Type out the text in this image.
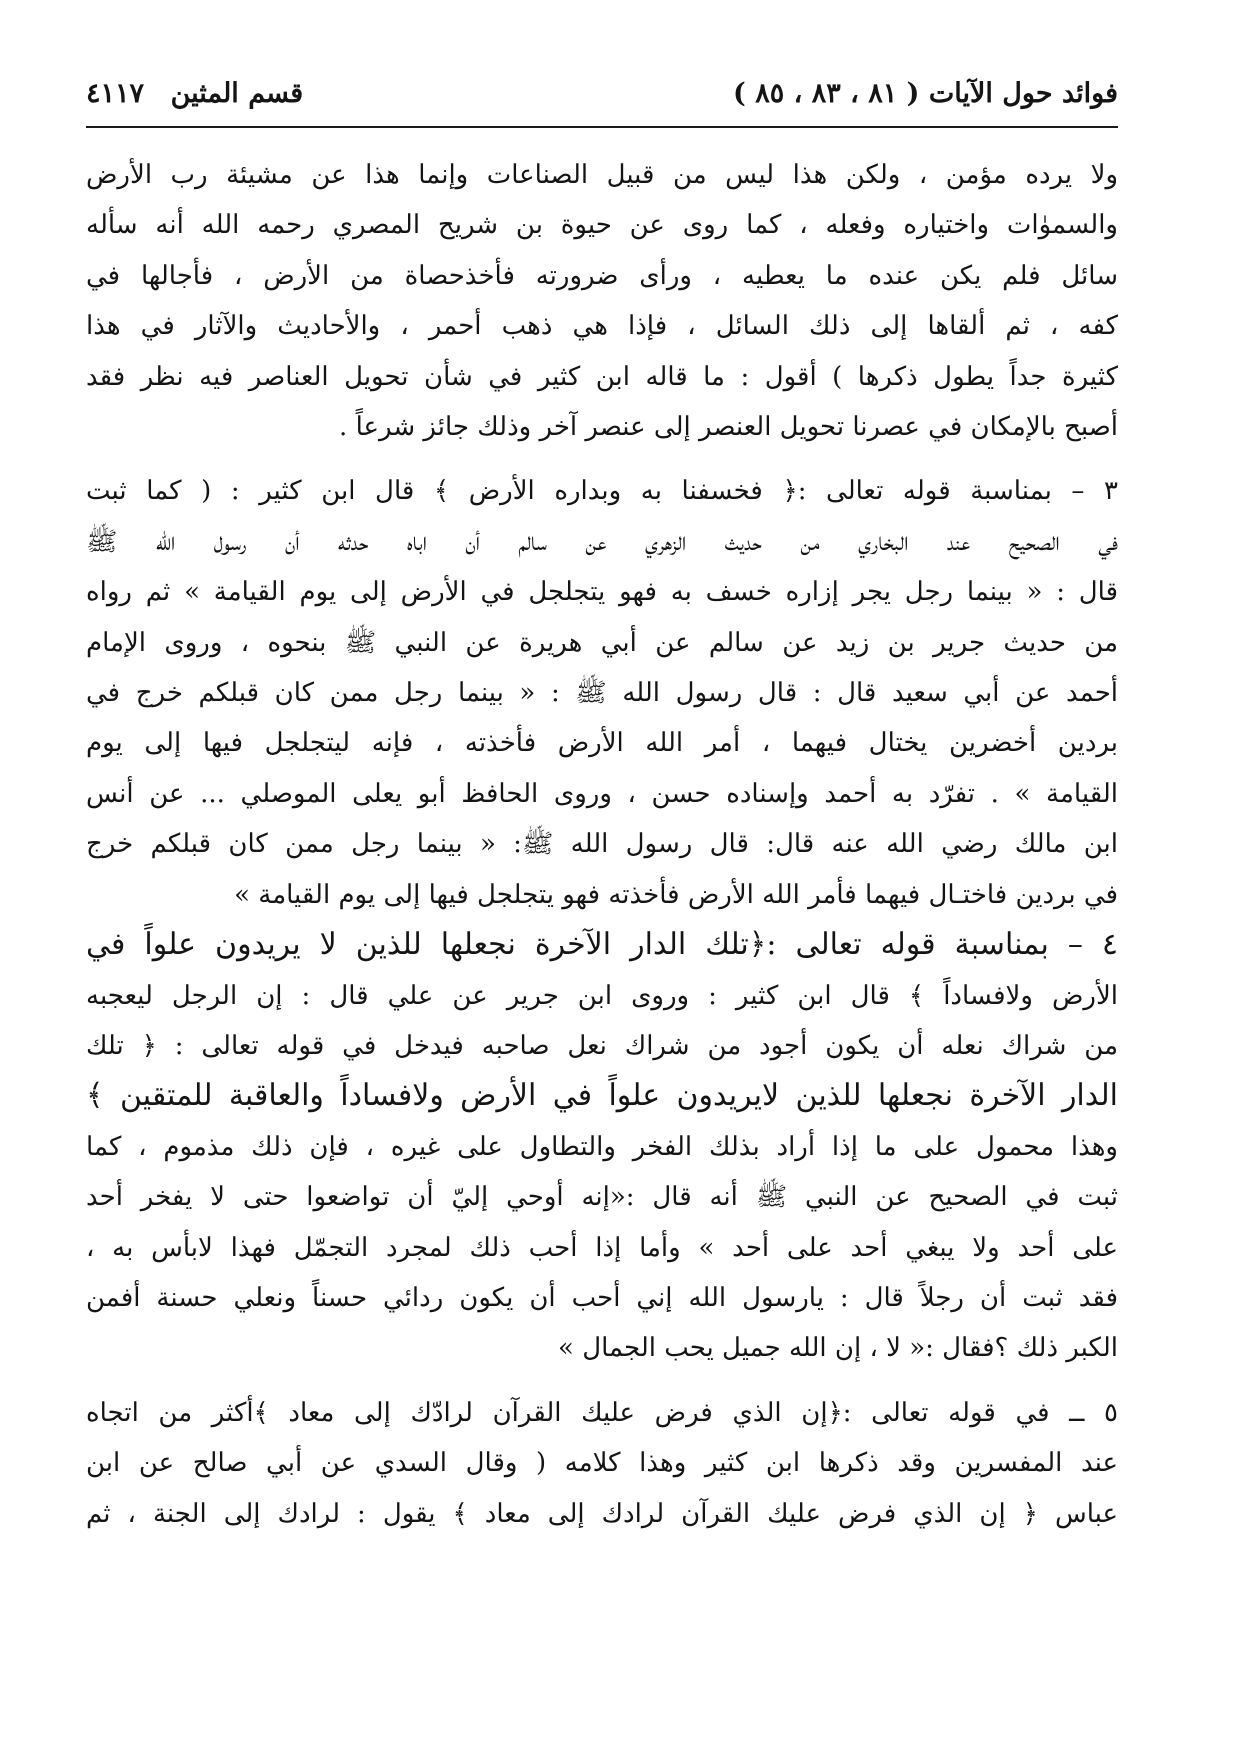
فوائد حول الآيات ( ٨١ ، ٨٣ ، ٨٥ )
قسم المثين ٤١١٧
ولا يرده مؤمن ، ولكن هذا ليس من قبيل الصناعات وإنما هذا عن مشيئة رب الأرض
والسموٰات واختياره وفعله ، كما روى عن حيوة بن شريح المصري رحمه الله أنه سأله
سائل فلم يكن عنده ما يعطيه ، ورأى ضرورته فأخذحصاة من الأرض ، فأجالها في
كفه ، ثم ألقاها إلى ذلك السائل ، فإذا هي ذهب أحمر ، والأحاديث والآثار في هذا
كثيرة جداً يطول ذكرها ) أقول : ما قاله ابن كثير في شأن تحويل العناصر فيه نظر فقد
أصبح بالإمكان في عصرنا تحويل العنصر إلى عنصر آخر وذلك جائز شرعاً .
٣ – بمناسبة قوله تعالى :﴿ فخسفنا به وبداره الأرض ﴾ قال ابن كثير : ( كما ثبت
في الصحيح عند البخاري من حديث الزهري عن سالم أن اباه حدثه أن رسول الله ﷺ
قال : « بينما رجل يجر إزاره خسف به فهو يتجلجل في الأرض إلى يوم القيامة » ثم رواه
من حديث جرير بن زيد عن سالم عن أبي هريرة عن النبي ﷺ بنحوه ، وروى الإمام
أحمد عن أبي سعيد قال : قال رسول الله ﷺ : « بينما رجل ممن كان قبلكم خرج في
بردين أخضرين يختال فيهما ، أمر الله الأرض فأخذته ، فإنه ليتجلجل فيها إلى يوم
القيامة » . تفرّد به أحمد وإسناده حسن ، وروى الحافظ أبو يعلى الموصلي ... عن أنس
ابن مالك رضي الله عنه قال: قال رسول الله ﷺ: « بينما رجل ممن كان قبلكم خرج
في بردين فاختـال فيهما فأمر الله الأرض فأخذته فهو يتجلجل فيها إلى يوم القيامة »
٤ – بمناسبة قوله تعالى :﴿تلك الدار الآخرة نجعلها للذين لا يريدون علواً في
الأرض ولافساداً ﴾ قال ابن كثير : وروى ابن جرير عن علي قال : إن الرجل ليعجبه
من شراك نعله أن يكون أجود من شراك نعل صاحبه فيدخل في قوله تعالى : ﴿ تلك
الدار الآخرة نجعلها للذين لايريدون علواً في الأرض ولافساداً والعاقبة للمتقين ﴾
وهذا محمول على ما إذا أراد بذلك الفخر والتطاول على غيره ، فإن ذلك مذموم ، كما
ثبت في الصحيح عن النبي ﷺ أنه قال :«إنه أوحي إليّ أن تواضعوا حتى لا يفخر أحد
على أحد ولا يبغي أحد على أحد » وأما إذا أحب ذلك لمجرد التجمّل فهذا لابأس به ،
فقد ثبت أن رجلاً قال : يارسول الله إني أحب أن يكون ردائي حسناً ونعلي حسنة أفمن
الكبر ذلك ؟فقال :« لا ، إن الله جميل يحب الجمال »
٥ ــ في قوله تعالى :﴿إن الذي فرض عليك القرآن لرادّك إلى معاد ﴾أكثر من اتجاه
عند المفسرين وقد ذكرها ابن كثير وهذا كلامه ( وقال السدي عن أبي صالح عن ابن
عباس ﴿ إن الذي فرض عليك القرآن لرادك إلى معاد ﴾ يقول : لرادك إلى الجنة ، ثم
